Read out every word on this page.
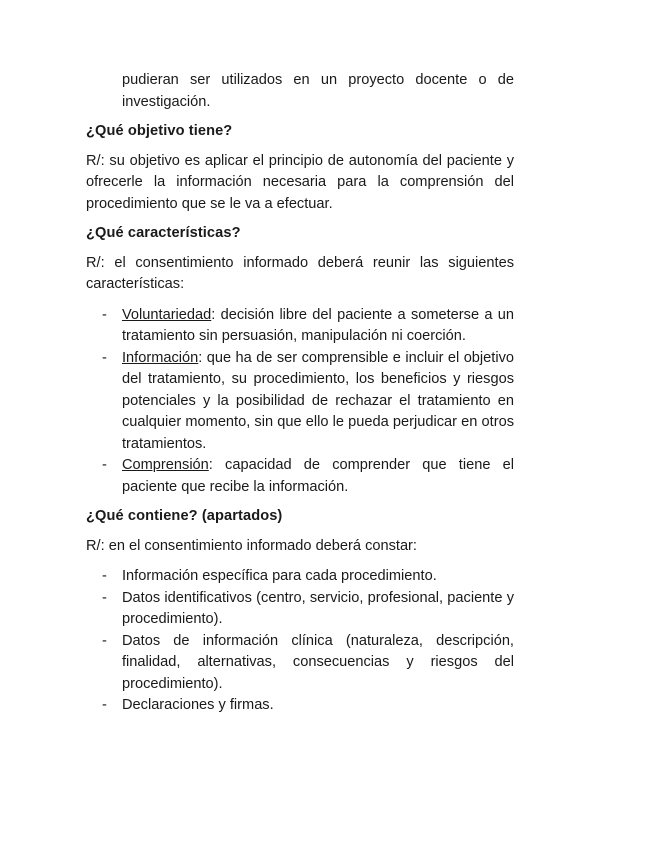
pudieran ser utilizados en un proyecto docente o de investigación.

¿Qué objetivo tiene?

R/: su objetivo es aplicar el principio de autonomía del paciente y ofrecerle la información necesaria para la comprensión del procedimiento que se le va a efectuar.

¿Qué características?

R/: el consentimiento informado deberá reunir las siguientes características:

- Voluntariedad: decisión libre del paciente a someterse a un tratamiento sin persuasión, manipulación ni coerción.
- Información: que ha de ser comprensible e incluir el objetivo del tratamiento, su procedimiento, los beneficios y riesgos potenciales y la posibilidad de rechazar el tratamiento en cualquier momento, sin que ello le pueda perjudicar en otros tratamientos.
- Comprensión: capacidad de comprender que tiene el paciente que recibe la información.
¿Qué contiene? (apartados)

R/: en el consentimiento informado deberá constar:

- Información específica para cada procedimiento.
- Datos identificativos (centro, servicio, profesional, paciente y procedimiento).
- Datos de información clínica (naturaleza, descripción, finalidad, alternativas, consecuencias y riesgos del procedimiento).
- Declaraciones y firmas.
